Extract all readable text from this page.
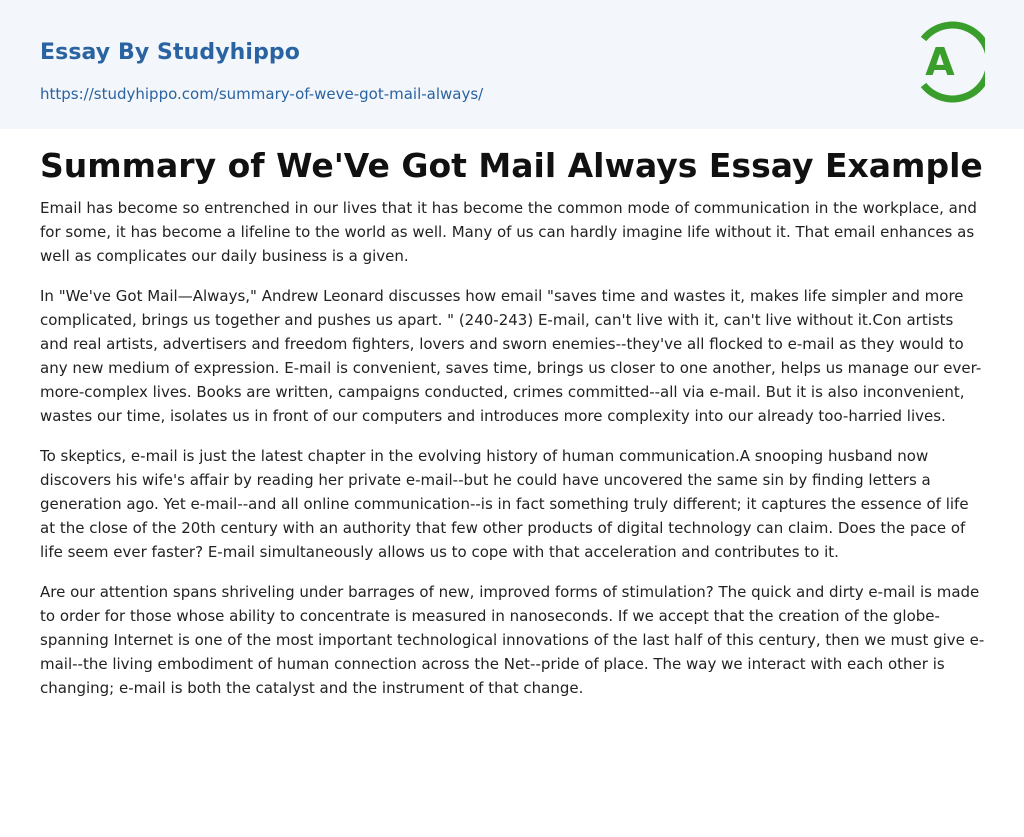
Essay By Studyhippo
https://studyhippo.com/summary-of-weve-got-mail-always/
A
Summary of We'Ve Got Mail Always Essay Example

Email has become so entrenched in our lives that it has become the common mode of communication in the workplace, and for some, it has become a lifeline to the world as well. Many of us can hardly imagine life without it. That email enhances as well as complicates our daily business is a given.

In "We've Got Mail—Always," Andrew Leonard discusses how email "saves time and wastes it, makes life simpler and more complicated, brings us together and pushes us apart. " (240-243) E-mail, can't live with it, can't live without it.Con artists and real artists, advertisers and freedom fighters, lovers and sworn enemies--they've all flocked to e-mail as they would to any new medium of expression. E-mail is convenient, saves time, brings us closer to one another, helps us manage our ever-more-complex lives. Books are written, campaigns conducted, crimes committed--all via e-mail. But it is also inconvenient, wastes our time, isolates us in front of our computers and introduces more complexity into our already too-harried lives.

To skeptics, e-mail is just the latest chapter in the evolving history of human communication.A snooping husband now discovers his wife's affair by reading her private e-mail--but he could have uncovered the same sin by finding letters a generation ago. Yet e-mail--and all online communication--is in fact something truly different; it captures the essence of life at the close of the 20th century with an authority that few other products of digital technology can claim. Does the pace of life seem ever faster? E-mail simultaneously allows us to cope with that acceleration and contributes to it.

Are our attention spans shriveling under barrages of new, improved forms of stimulation? The quick and dirty e-mail is made to order for those whose ability to concentrate is measured in nanoseconds. If we accept that the creation of the globe-spanning Internet is one of the most important technological innovations of the last half of this century, then we must give e-mail--the living embodiment of human connection across the Net--pride of place. The way we interact with each other is changing; e-mail is both the catalyst and the instrument of that change.
